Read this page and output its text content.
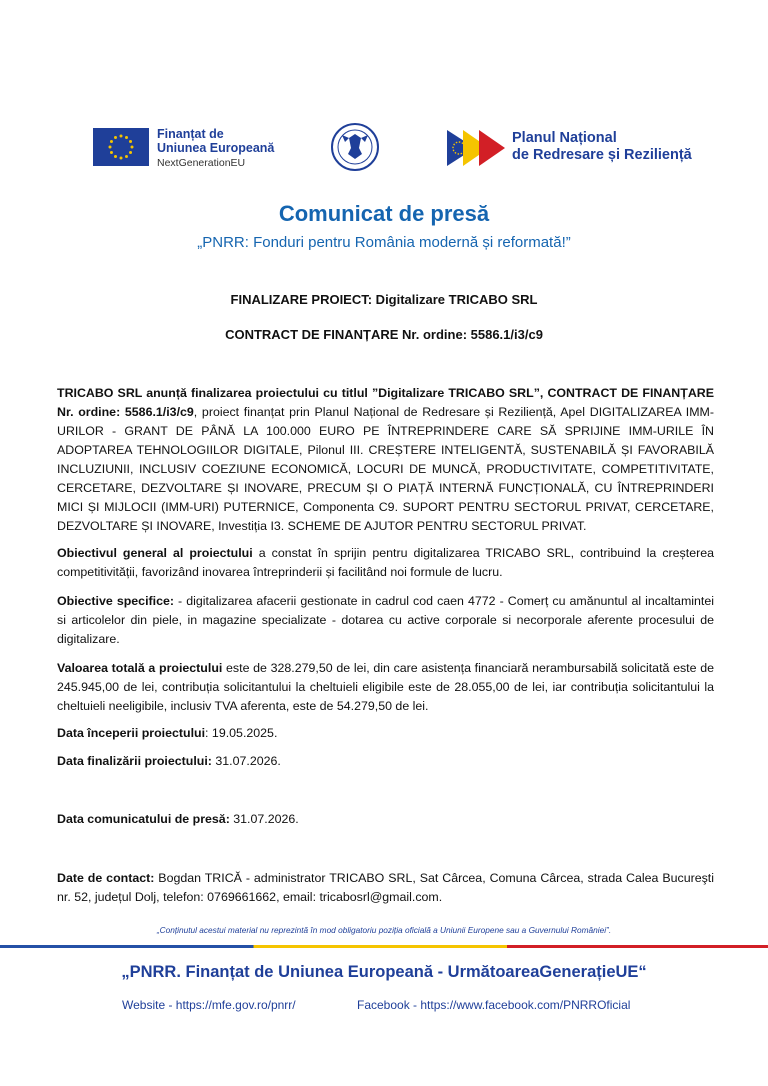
Finanțat de
Uniunea Europeană
NextGenerationEU
Planul Național
de Redresare și Reziliență
Comunicat de presă
„PNRR: Fonduri pentru România modernă și reformată!”
FINALIZARE PROIECT: Digitalizare TRICABO SRL
CONTRACT DE FINANȚARE Nr. ordine: 5586.1/i3/c9
TRICABO SRL anunță finalizarea proiectului cu titlul ”Digitalizare TRICABO SRL”, CONTRACT DE FINANȚARE Nr. ordine: 5586.1/i3/c9, proiect finanțat prin Planul Național de Redresare și Reziliență, Apel DIGITALIZAREA IMM-URILOR - GRANT DE PÂNĂ LA 100.000 EURO PE ÎNTREPRINDERE CARE SĂ SPRIJINE IMM-URILE ÎN ADOPTAREA TEHNOLOGIILOR DIGITALE, Pilonul III. CREȘTERE INTELIGENTĂ, SUSTENABILĂ ȘI FAVORABILĂ INCLUZIUNII, INCLUSIV COEZIUNE ECONOMICĂ, LOCURI DE MUNCĂ, PRODUCTIVITATE, COMPETITIVITATE, CERCETARE, DEZVOLTARE ȘI INOVARE, PRECUM ȘI O PIAȚĂ INTERNĂ FUNCȚIONALĂ, CU ÎNTREPRINDERI MICI ȘI MIJLOCII (IMM-URI) PUTERNICE, Componenta C9. SUPORT PENTRU SECTORUL PRIVAT, CERCETARE, DEZVOLTARE ȘI INOVARE, Investiția I3. SCHEME DE AJUTOR PENTRU SECTORUL PRIVAT.
Obiectivul general al proiectului a constat în sprijin pentru digitalizarea TRICABO SRL, contribuind la creșterea competitivității, favorizând inovarea întreprinderii și facilitând noi formule de lucru.
Obiective specifice: - digitalizarea afacerii gestionate in cadrul cod caen 4772 - Comerț cu amănuntul al incaltamintei si articolelor din piele, in magazine specializate - dotarea cu active corporale si necorporale aferente procesului de digitalizare.
Valoarea totală a proiectului este de 328.279,50 de lei, din care asistența financiară nerambursabilă solicitată este de 245.945,00 de lei, contribuția solicitantului la cheltuieli eligibile este de 28.055,00 de lei, iar contribuția solicitantului la cheltuieli neeligibile, inclusiv TVA aferenta, este de 54.279,50 de lei.
Data începerii proiectului: 19.05.2025.
Data finalizării proiectului: 31.07.2026.
Data comunicatului de presă: 31.07.2026.
Date de contact: Bogdan TRICĂ - administrator TRICABO SRL, Sat Cârcea, Comuna Cârcea, strada Calea Bucureşti nr. 52, județul Dolj, telefon: 0769661662, email: tricabosrl@gmail.com.
„Conținutul acestui material nu reprezintă în mod obligatoriu poziția oficială a Uniunii Europene sau a Guvernului României”.
„PNRR. Finanțat de Uniunea Europeană - UrmătoareaGenerațieUE“
Website - https://mfe.gov.ro/pnrr/	Facebook - https://www.facebook.com/PNRROficial
